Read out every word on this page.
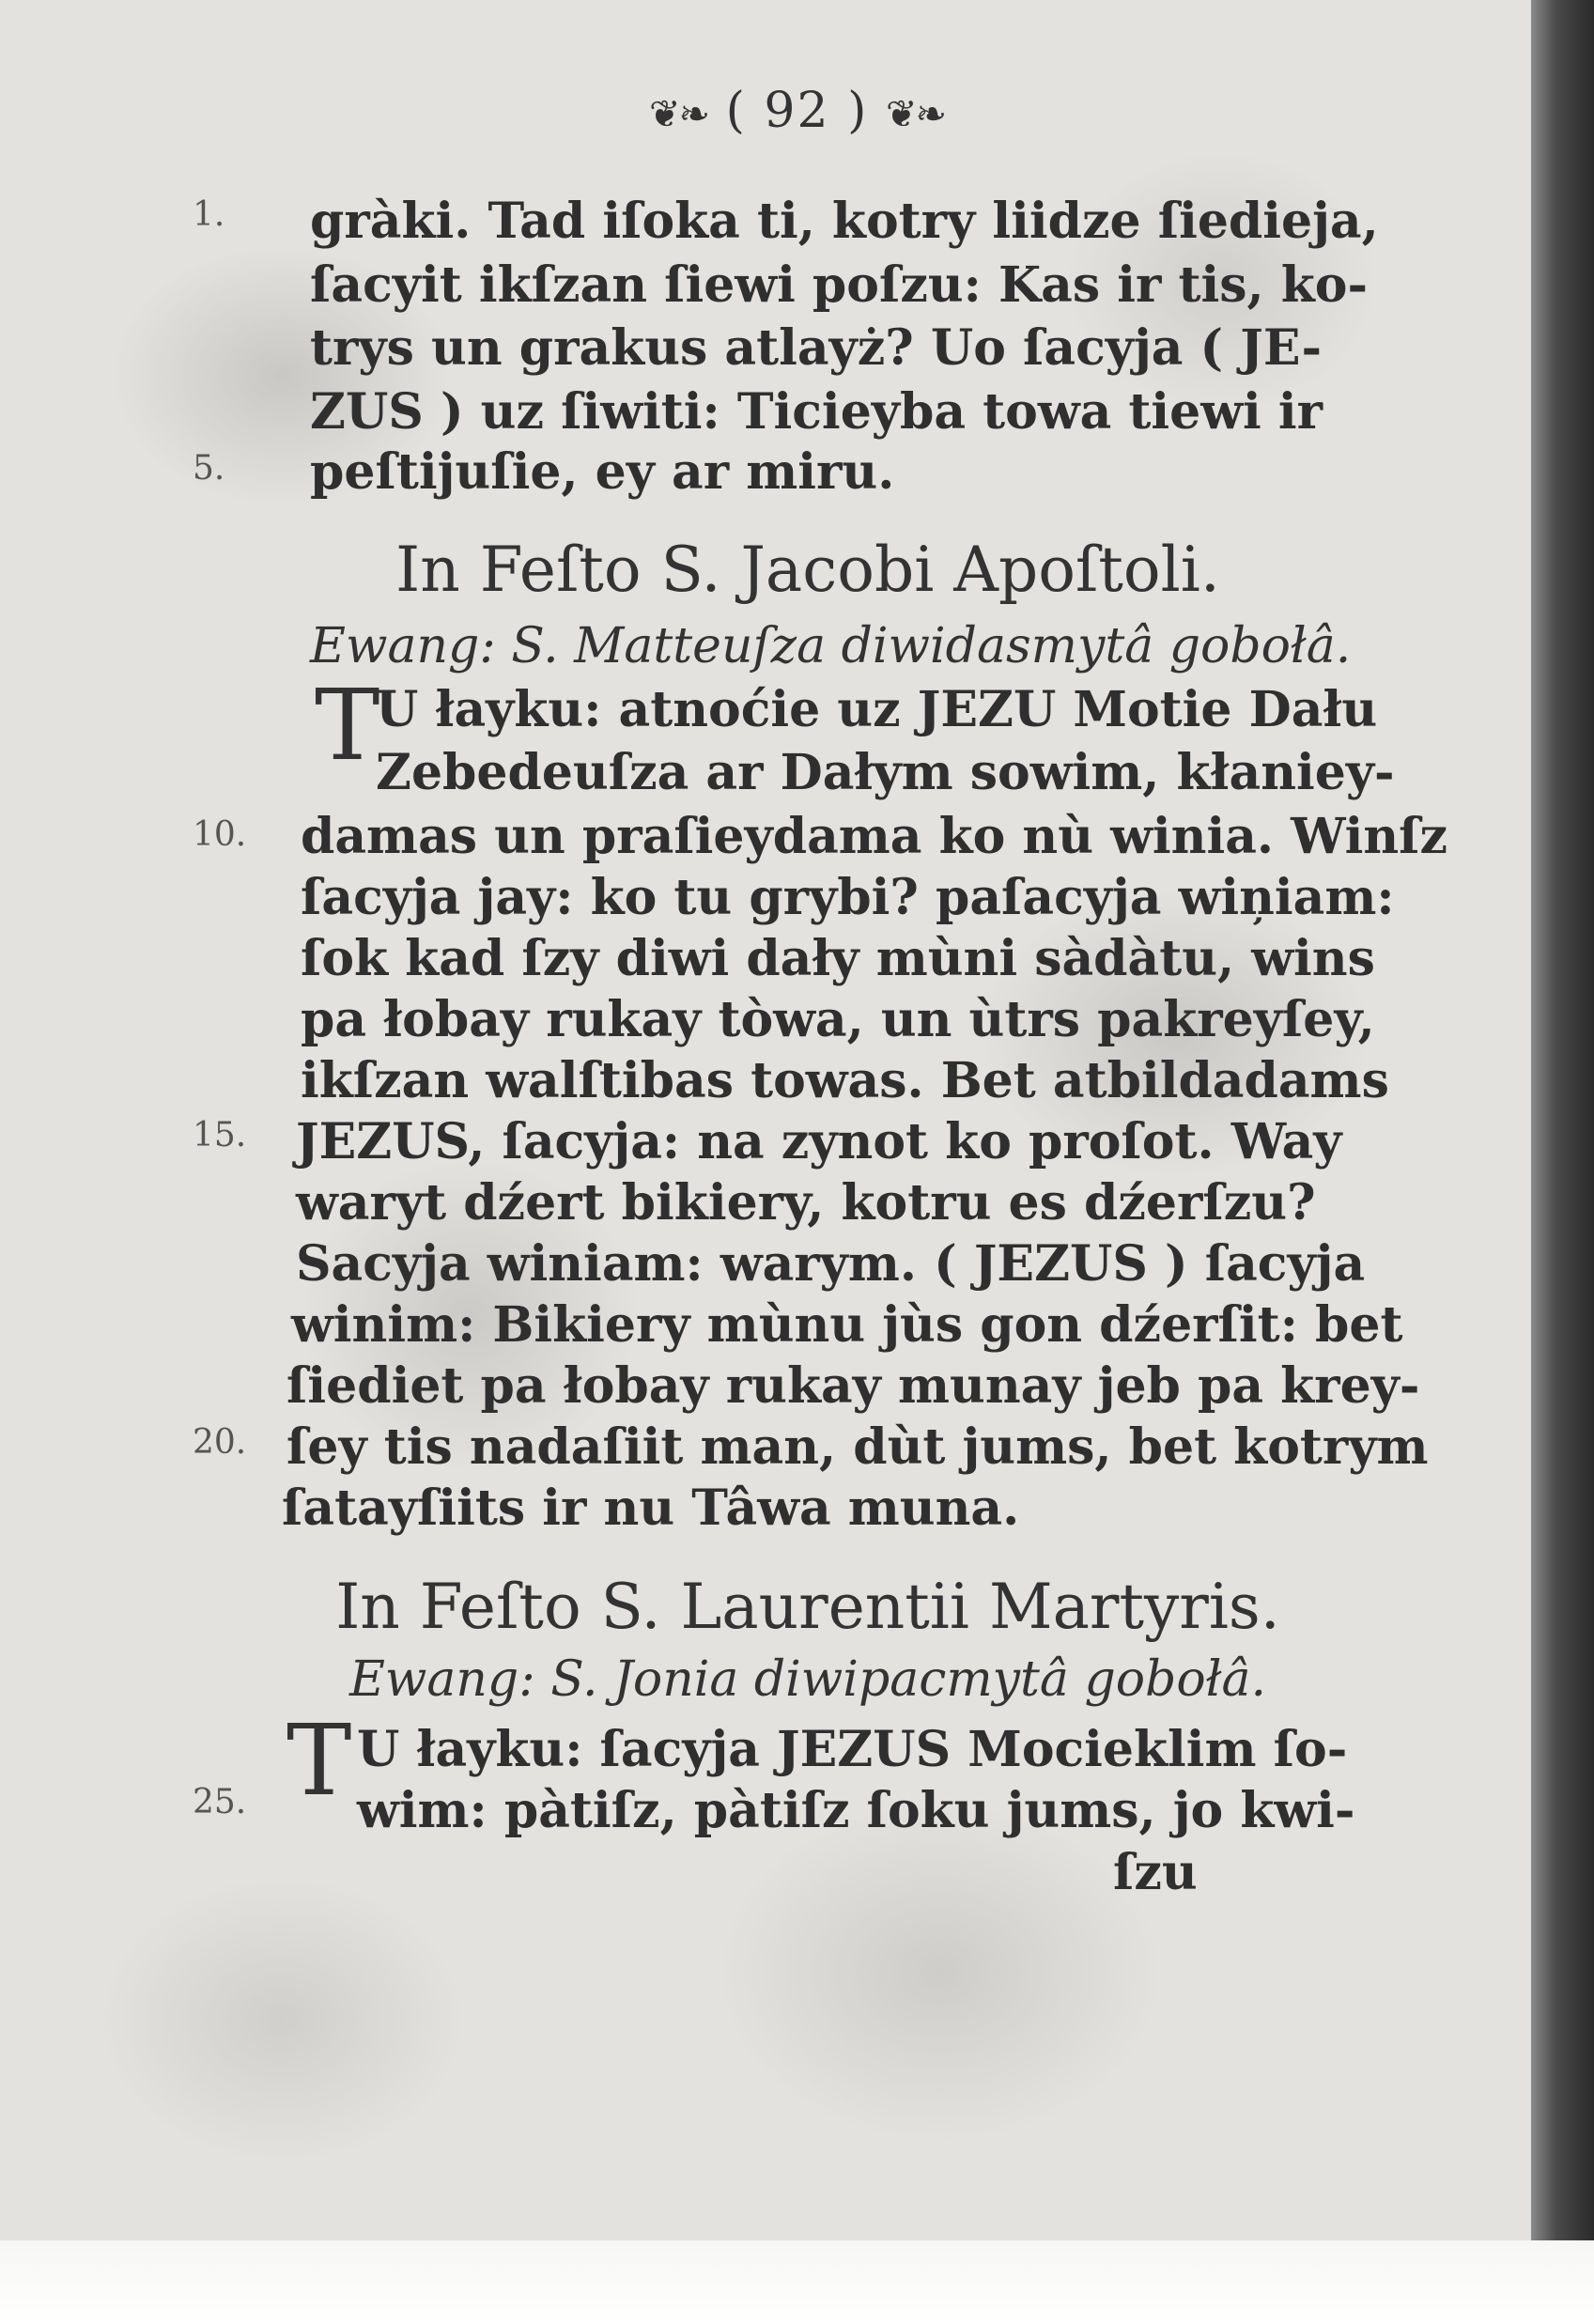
❦❧ ( 92 ) ❦❧
1.
5.
10.
15.
20.
25.
gràki. Tad iſoka ti, kotry liidze ſiedieja,
ſacyit ikſzan ſiewi poſzu: Kas ir tis, ko-
trys un grakus atlayż? Uo ſacyja ( JE-
ZUS ) uz ſiwiti: Ticieyba towa tiewi ir
peſtijuſie, ey ar miru.
In Feſto S. Jacobi Apoſtoli.
Ewang: S. Matteuſza diwidasmytâ gobołâ.
T
U łayku: atnoćie uz JEZU Motie Dału
Zebedeuſza ar Dałym sowim, kłaniey-
damas un praſieydama ko nù winia. Winſz
ſacyja jay: ko tu grybi? paſacyja wiņiam:
ſok kad ſzy diwi dały mùni sàdàtu, wins
pa łobay rukay tòwa, un ùtrs pakreyſey,
ikſzan walſtibas towas. Bet atbildadams
JEZUS, ſacyja: na zynot ko proſot. Way
waryt dźert bikiery, kotru es dźerſzu?
Sacyja winiam: warym. ( JEZUS ) ſacyja
winim: Bikiery mùnu jùs gon dźerſit: bet
ſiediet pa łobay rukay munay jeb pa krey-
ſey tis nadaſiit man, dùt jums, bet kotrym
ſatayſiits ir nu Tâwa muna.
In Feſto S. Laurentii Martyris.
Ewang: S. Jonia diwipacmytâ gobołâ.
T U łayku: ſacyja JEZUS Mocieklim ſo-
wim: pàtiſz, pàtiſz ſoku jums, jo kwi-
ſzu
